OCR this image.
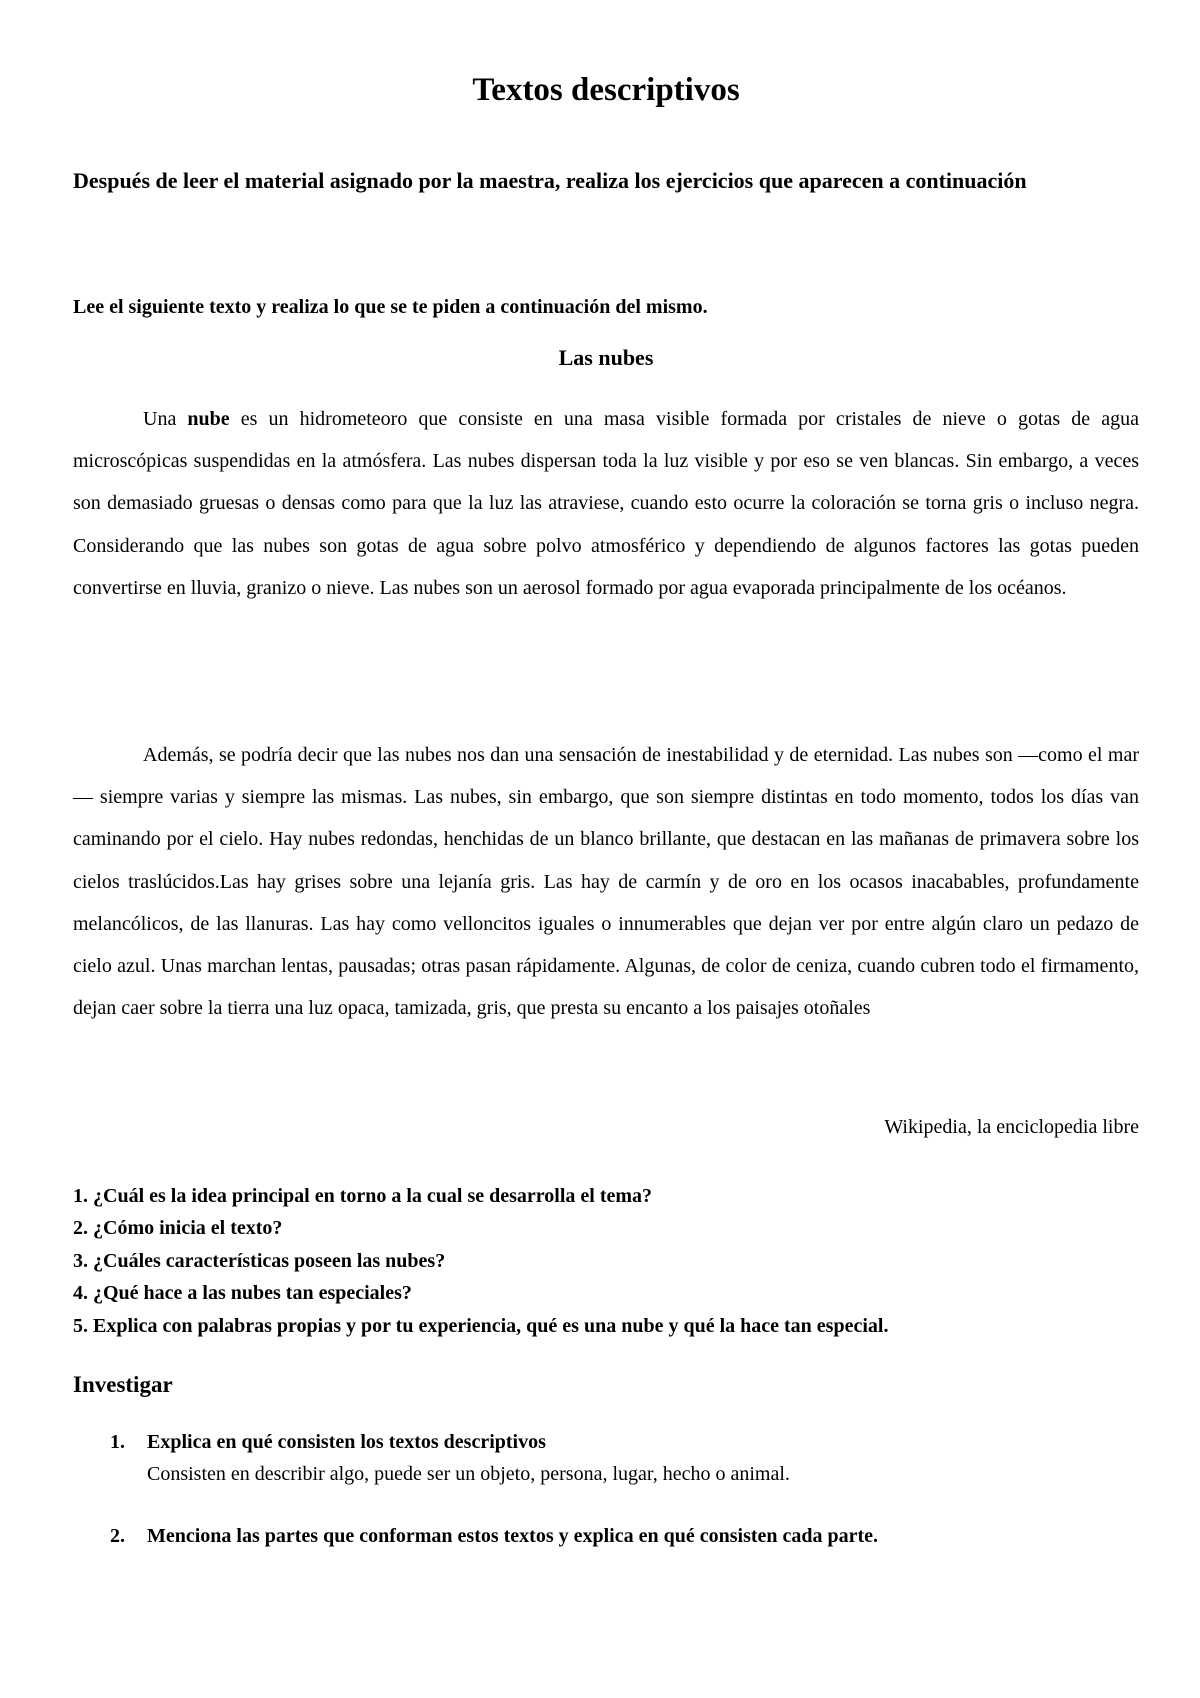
Textos descriptivos

Después de leer el material asignado por la maestra, realiza los ejercicios que aparecen a continuación

Lee el siguiente texto y realiza lo que se te piden a continuación del mismo.

Las nubes

Una nube es un hidrometeoro que consiste en una masa visible formada por cristales de nieve o gotas de agua microscópicas suspendidas en la atmósfera. Las nubes dispersan toda la luz visible y por eso se ven blancas. Sin embargo, a veces son demasiado gruesas o densas como para que la luz las atraviese, cuando esto ocurre la coloración se torna gris o incluso negra. Considerando que las nubes son gotas de agua sobre polvo atmosférico y dependiendo de algunos factores las gotas pueden convertirse en lluvia, granizo o nieve. Las nubes son un aerosol formado por agua evaporada principalmente de los océanos.

Además, se podría decir que las nubes nos dan una sensación de inestabilidad y de eternidad. Las nubes son —como el mar— siempre varias y siempre las mismas. Las nubes, sin embargo, que son siempre distintas en todo momento, todos los días van caminando por el cielo. Hay nubes redondas, henchidas de un blanco brillante, que destacan en las mañanas de primavera sobre los cielos traslúcidos.Las hay grises sobre una lejanía gris. Las hay de carmín y de oro en los ocasos inacabables, profundamente melancólicos, de las llanuras. Las hay como velloncitos iguales o innumerables que dejan ver por entre algún claro un pedazo de cielo azul. Unas marchan lentas, pausadas; otras pasan rápidamente. Algunas, de color de ceniza, cuando cubren todo el firmamento, dejan caer sobre la tierra una luz opaca, tamizada, gris, que presta su encanto a los paisajes otoñales

Wikipedia, la enciclopedia libre

1. ¿Cuál es la idea principal en torno a la cual se desarrolla el tema?
2. ¿Cómo inicia el texto?
3. ¿Cuáles características poseen las nubes?
4. ¿Qué hace a las nubes tan especiales?
5. Explica con palabras propias y por tu experiencia, qué es una nube y qué la hace tan especial.
Investigar
1. Explica en qué consisten los textos descriptivos
Consisten en describir algo, puede ser un objeto, persona, lugar, hecho o animal.
2. Menciona las partes que conforman estos textos y explica en qué consisten cada parte.
